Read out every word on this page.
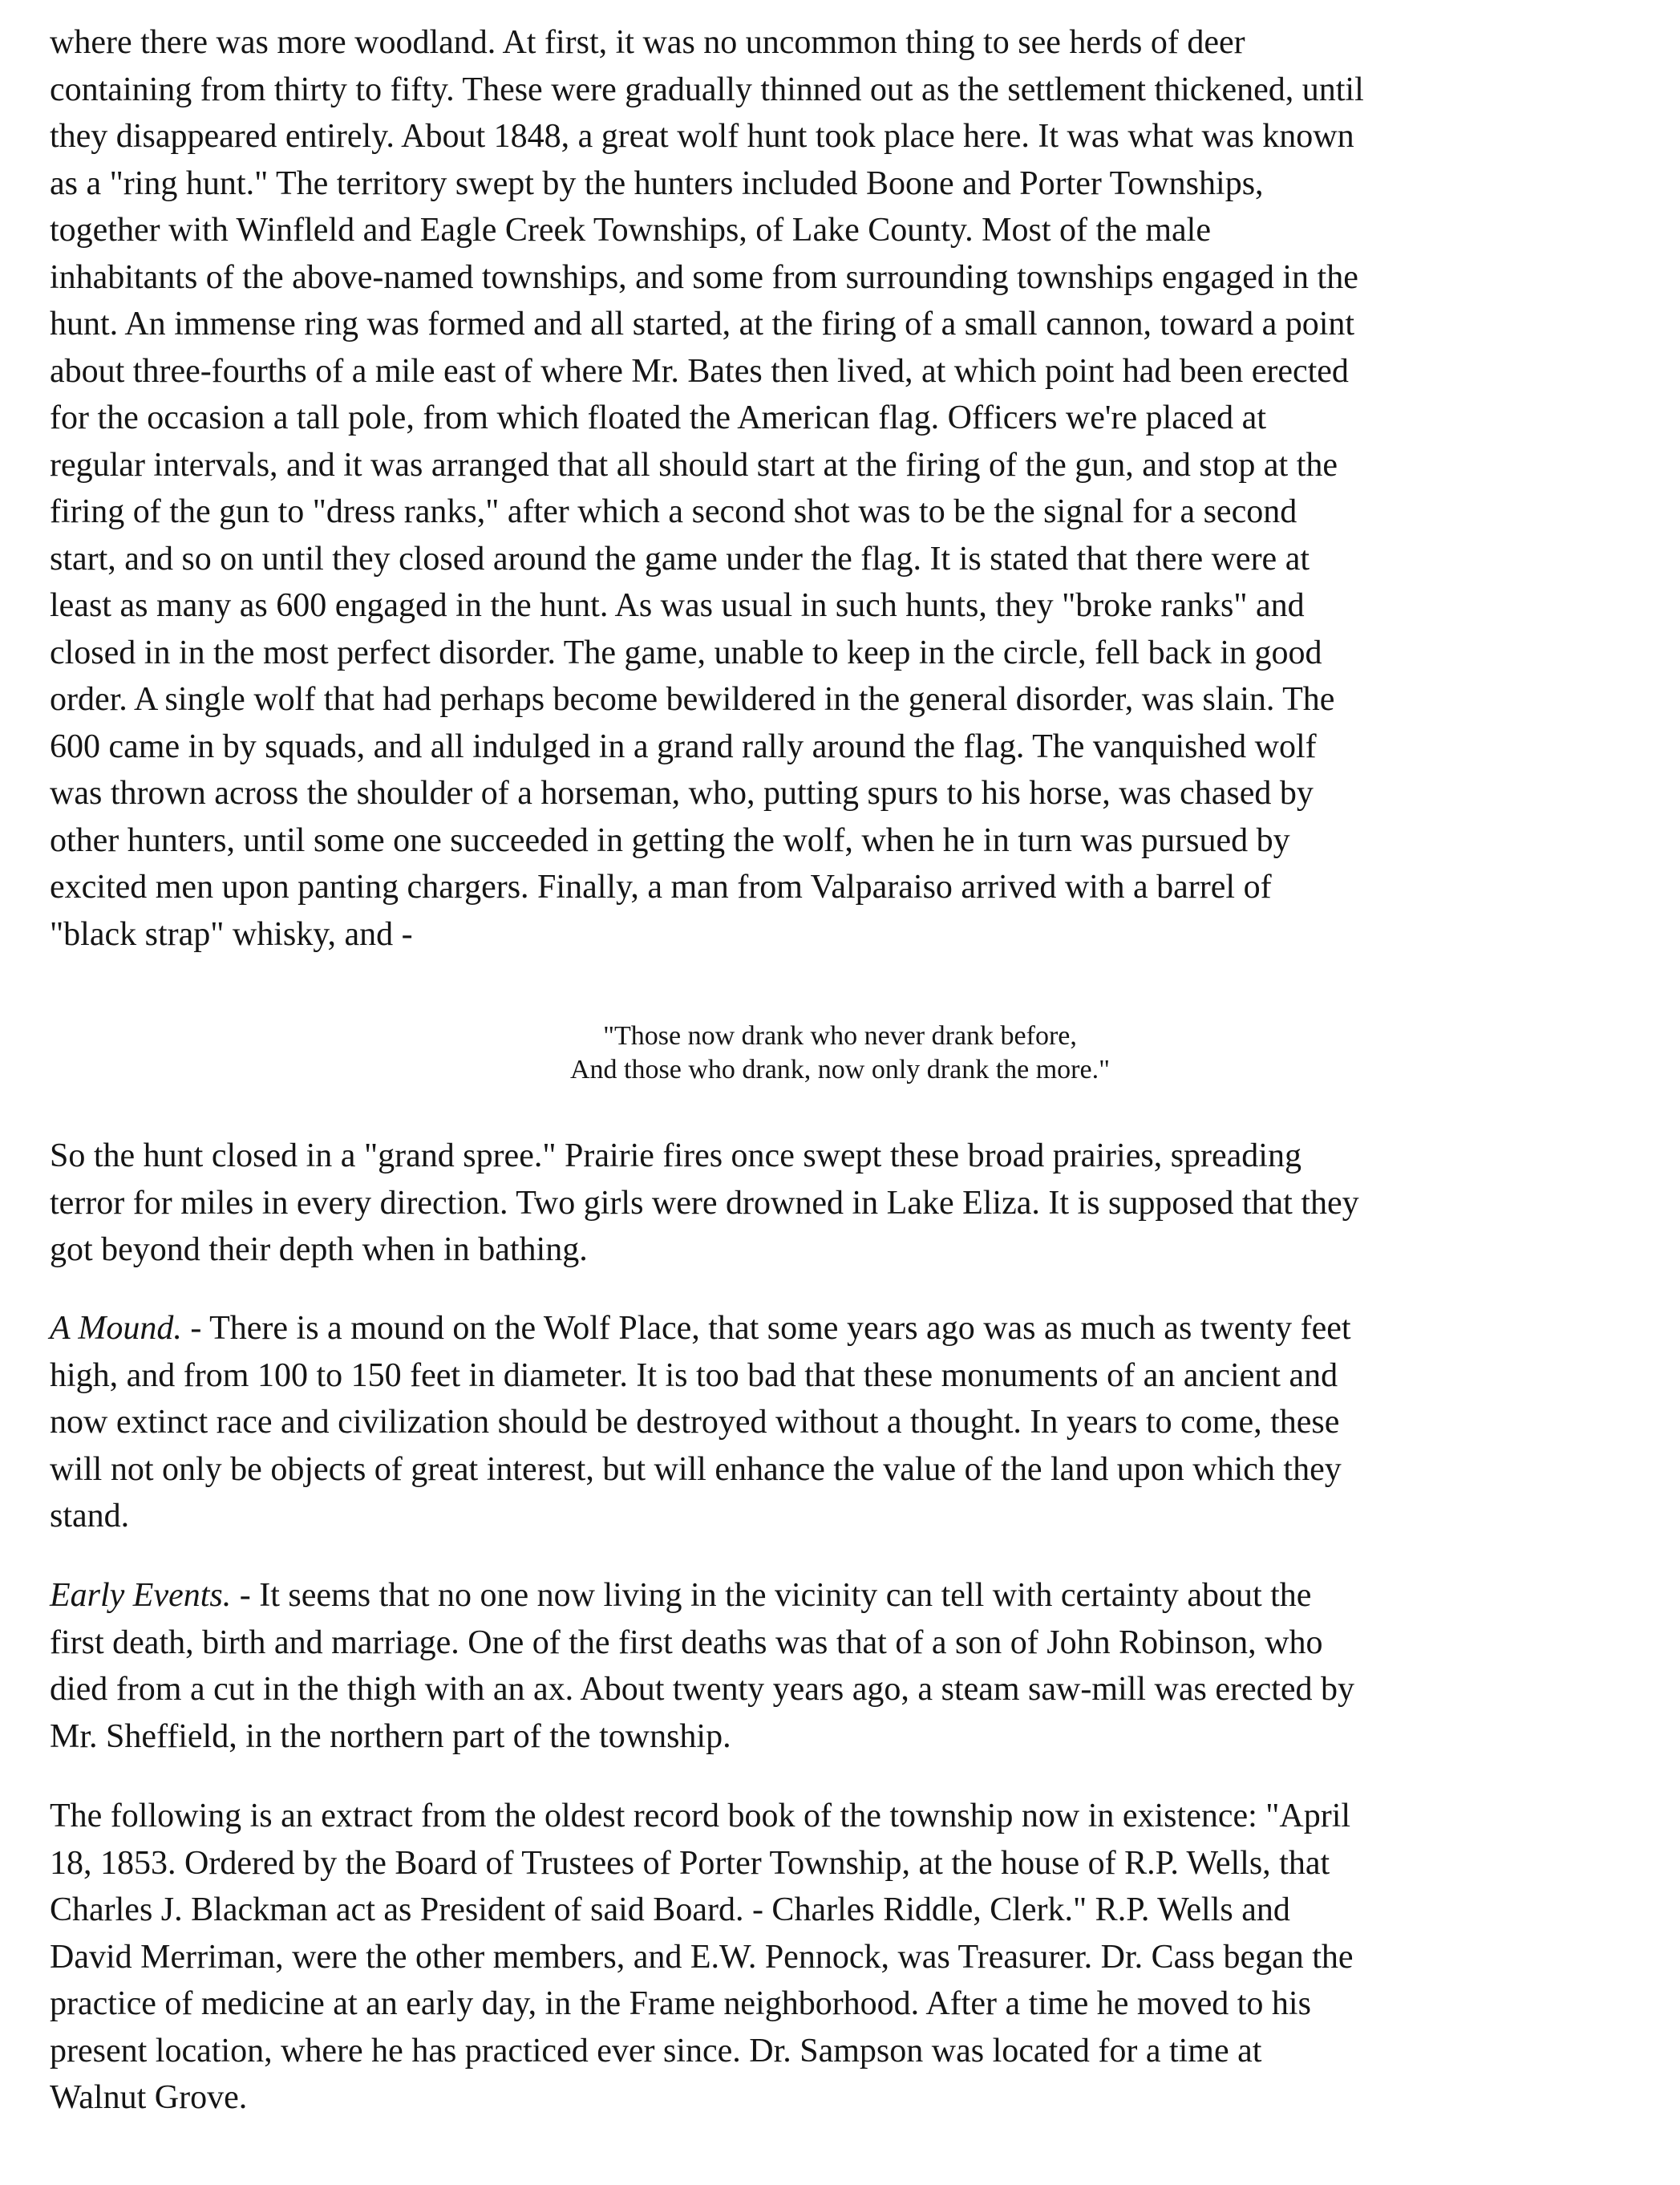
where there was more woodland. At first, it was no uncommon thing to see herds of deer
containing from thirty to fifty. These were gradually thinned out as the settlement thickened, until
they disappeared entirely. About 1848, a great wolf hunt took place here. It was what was known
as a "ring hunt." The territory swept by the hunters included Boone and Porter Townships,
together with Winfleld and Eagle Creek Townships, of Lake County. Most of the male
inhabitants of the above-named townships, and some from surrounding townships engaged in the
hunt. An immense ring was formed and all started, at the firing of a small cannon, toward a point
about three-fourths of a mile east of where Mr. Bates then lived, at which point had been erected
for the occasion a tall pole, from which floated the American flag. Officers we're placed at
regular intervals, and it was arranged that all should start at the firing of the gun, and stop at the
firing of the gun to "dress ranks," after which a second shot was to be the signal for a second
start, and so on until they closed around the game under the flag. It is stated that there were at
least as many as 600 engaged in the hunt. As was usual in such hunts, they "broke ranks" and
closed in in the most perfect disorder. The game, unable to keep in the circle, fell back in good
order. A single wolf that had perhaps become bewildered in the general disorder, was slain. The
600 came in by squads, and all indulged in a grand rally around the flag. The vanquished wolf
was thrown across the shoulder of a horseman, who, putting spurs to his horse, was chased by
other hunters, until some one succeeded in getting the wolf, when he in turn was pursued by
excited men upon panting chargers. Finally, a man from Valparaiso arrived with a barrel of
"black strap" whisky, and -

"Those now drank who never drank before,
And those who drank, now only drank the more."

So the hunt closed in a "grand spree." Prairie fires once swept these broad prairies, spreading
terror for miles in every direction. Two girls were drowned in Lake Eliza. It is supposed that they
got beyond their depth when in bathing.

A Mound. - There is a mound on the Wolf Place, that some years ago was as much as twenty feet
high, and from 100 to 150 feet in diameter. It is too bad that these monuments of an ancient and
now extinct race and civilization should be destroyed without a thought. In years to come, these
will not only be objects of great interest, but will enhance the value of the land upon which they
stand.

Early Events. - It seems that no one now living in the vicinity can tell with certainty about the
first death, birth and marriage. One of the first deaths was that of a son of John Robinson, who
died from a cut in the thigh with an ax. About twenty years ago, a steam saw-mill was erected by
Mr. Sheffield, in the northern part of the township.

The following is an extract from the oldest record book of the township now in existence: "April
18, 1853. Ordered by the Board of Trustees of Porter Township, at the house of R.P. Wells, that
Charles J. Blackman act as President of said Board. - Charles Riddle, Clerk." R.P. Wells and
David Merriman, were the other members, and E.W. Pennock, was Treasurer. Dr. Cass began the
practice of medicine at an early day, in the Frame neighborhood. After a time he moved to his
present location, where he has practiced ever since. Dr. Sampson was located for a time at
Walnut Grove.
